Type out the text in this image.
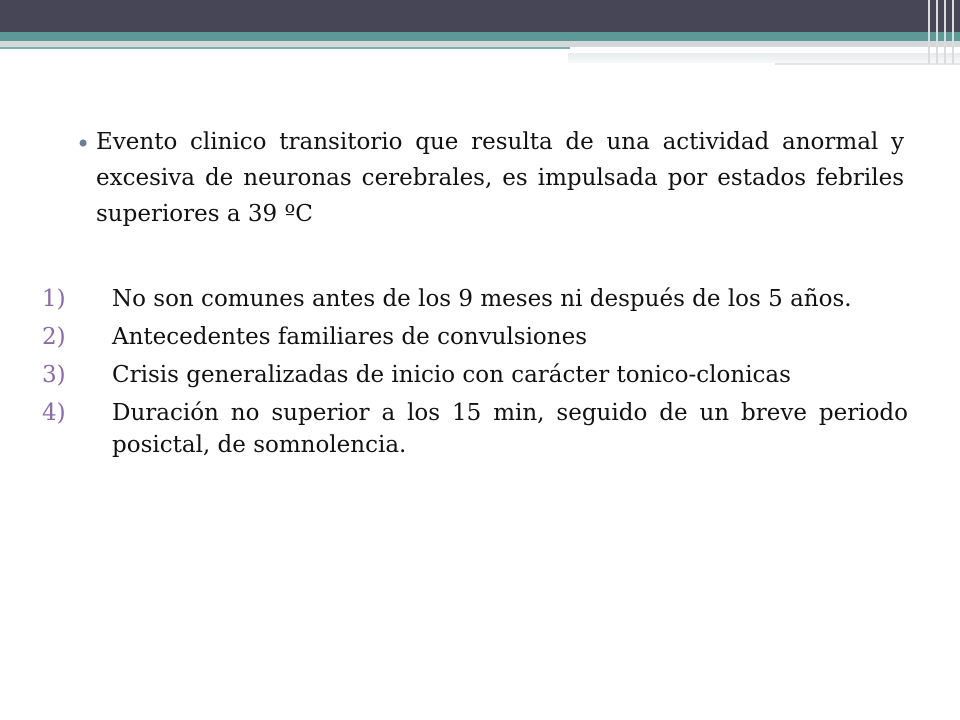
• Evento clinico transitorio que resulta de una actividad anormal y excesiva de neuronas cerebrales, es impulsada por estados febriles superiores a 39 ºC
1)	No son comunes antes de los 9 meses ni después de los 5 años.
2)	Antecedentes familiares de convulsiones
3)	Crisis generalizadas de inicio con carácter tonico-clonicas
4)	Duración no superior a los 15 min, seguido de un breve periodo posictal, de somnolencia.
